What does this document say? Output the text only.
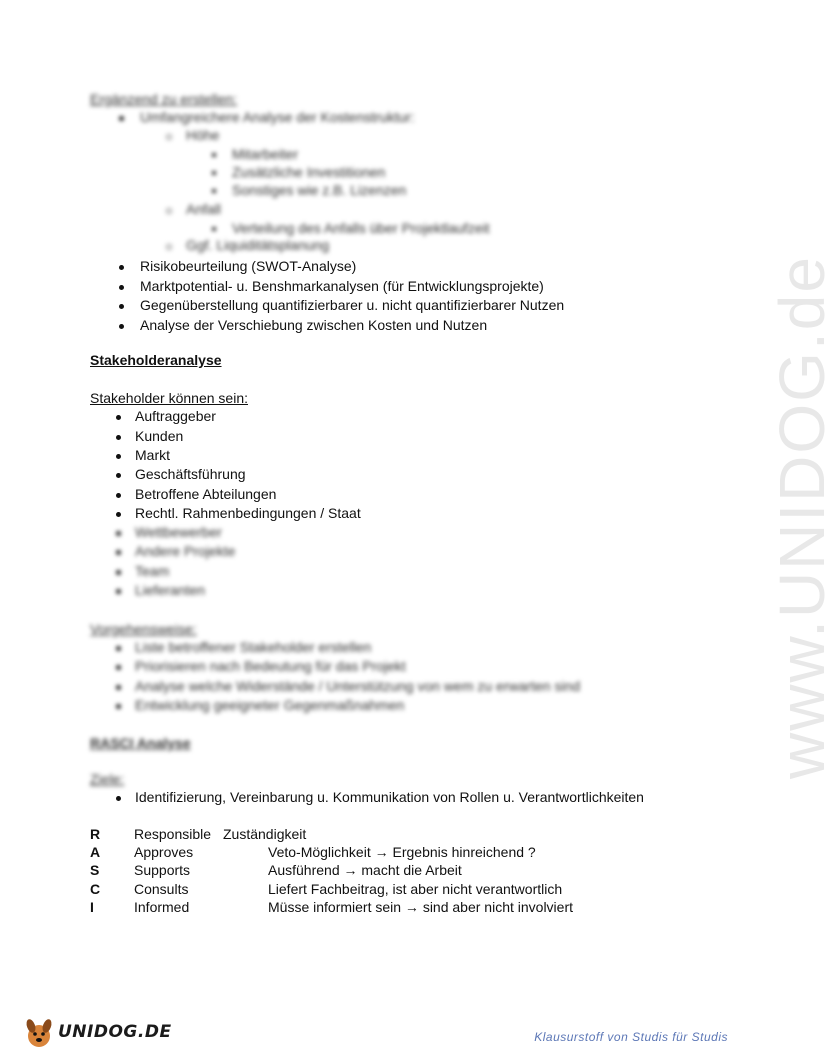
www.UNIDOG.de
Ergänzend zu erstellen:
Umfangreichere Analyse der Kostenstruktur:
Höhe
Mitarbeiter
Zusätzliche Investitionen
Sonstiges wie z.B. Lizenzen
Anfall
Verteilung des Anfalls über Projektlaufzeit
Ggf. Liquiditätsplanung
Risikobeurteilung (SWOT-Analyse)
Marktpotential- u. Benshmarkanalysen (für Entwicklungsprojekte)
Gegenüberstellung quantifizierbarer u. nicht quantifizierbarer Nutzen
Analyse der Verschiebung zwischen Kosten und Nutzen
Stakeholderanalyse
Stakeholder können sein:
Auftraggeber
Kunden
Markt
Geschäftsführung
Betroffene Abteilungen
Rechtl. Rahmenbedingungen / Staat
Wettbewerber
Andere Projekte
Team
Lieferanten
Vorgehensweise:
Liste betroffener Stakeholder erstellen
Priorisieren nach Bedeutung für das Projekt
Analyse welche Widerstände / Unterstützung von wem zu erwarten sind
Entwicklung geeigneter Gegenmaßnahmen
RASCI Analyse
Ziele:
Identifizierung, Vereinbarung u. Kommunikation von Rollen u. Verantwortlichkeiten
R Responsible Zuständigkeit
A Approves	Veto-Möglichkeit → Ergebnis hinreichend ?
S Supports	Ausführend → macht die Arbeit
C Consults	Liefert Fachbeitrag, ist aber nicht verantwortlich
I	Informed	Müsse informiert sein → sind aber nicht involviert
UNIDOG.DE	Klausurstoff von Studis für Studis
